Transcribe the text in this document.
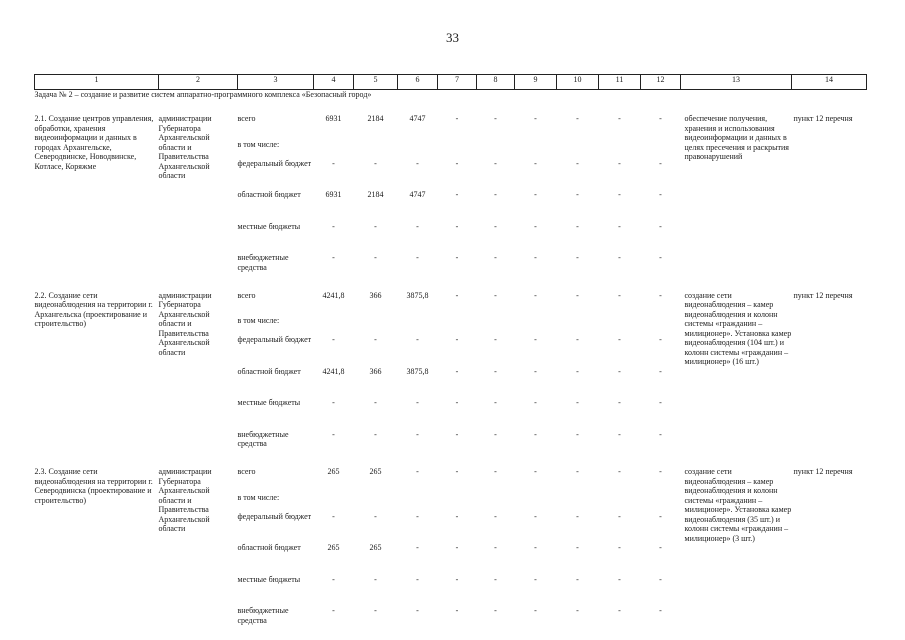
33
1	2	3	4	5	6	7	8	9	10	11	12	13	14
Задача № 2 – создание и развитие систем аппаратно-программного комплекса «Безопасный город»													
2.1. Создание центров управления, обработки, хранения видеоинформации и данных в городах Архангельске, Северодвинске, Новодвинске, Котласе, Коряжме	администрации Губернатора Архангельской области и Правительства Архангельской области	всего	6931	2184	4747	-	-	-	-	-	-	обеспечение получения, хранения и использования видеоинформации и данных в целях пресечения и раскрытия правонарушений	пункт 12 перечня
		в том числе:											
		федеральный бюджет	-	-	-	-	-	-	-	-	-		
		областной бюджет	6931	2184	4747	-	-	-	-	-	-		
		местные бюджеты	-	-	-	-	-	-	-	-	-		
		внебюджетные средства	-	-	-	-	-	-	-	-	-		
2.2. Создание сети видеонаблюдения на территории г. Архангельска (проектирование и строительство)	администрации Губернатора Архангельской области и Правительства Архангельской области	всего	4241,8	366	3875,8	-	-	-	-	-	-	создание сети видеонаблюдения – камер видеонаблюдения и колонн системы «гражданин – милиционер». Установка камер видеонаблюдения (104 шт.) и колонн системы «гражданин – милиционер» (16 шт.)	пункт 12 перечня
		в том числе:											
		федеральный бюджет	-	-	-	-	-	-	-	-	-		
		областной бюджет	4241,8	366	3875,8	-	-	-	-	-	-		
		местные бюджеты	-	-	-	-	-	-	-	-	-		
		внебюджетные средства	-	-	-	-	-	-	-	-	-		
2.3. Создание сети видеонаблюдения на территории г. Северодвинска (проектирование и строительство)	администрации Губернатора Архангельской области и Правительства Архангельской области	всего	265	265	-	-	-	-	-	-	-	создание сети видеонаблюдения – камер видеонаблюдения и колонн системы «гражданин – милиционер». Установка камер видеонаблюдения (35 шт.) и колонн системы «гражданин – милиционер» (3 шт.)	пункт 12 перечня
		в том числе:											
		федеральный бюджет	-	-	-	-	-	-	-	-	-		
		областной бюджет	265	265	-	-	-	-	-	-	-		
		местные бюджеты	-	-	-	-	-	-	-	-	-		
		внебюджетные средства	-	-	-	-	-	-	-	-	-		
